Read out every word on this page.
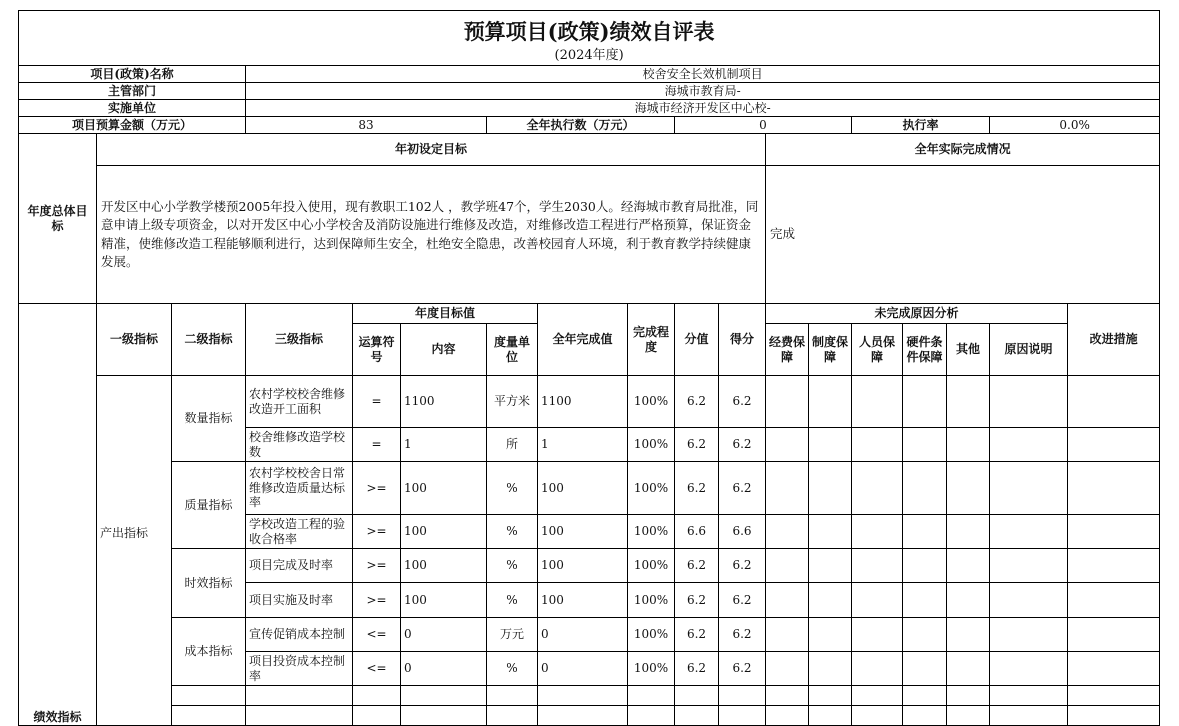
预算项目(政策)绩效自评表																	
(2024年度)																	
项目(政策)名称			校舍安全长效机制项目														
主管部门			海城市教育局-														
实施单位			海城市经济开发区中心校-														
项目预算金额（万元）			83			全年执行数（万元）			0				执行率			0.0%	
年度总体目标	年初设定目标										全年实际完成情况						
	开发区中心小学教学楼预2005年投入使用，现有教职工102人 ，教学班47个，学生2030人。经海城市教育局批准，同意申请上级专项资金，以对开发区中心小学校舍及消防设施进行维修及改造，对维修改造工程进行严格预算，保证资金精准，使维修改造工程能够顺利进行，达到保障师生安全，杜绝安全隐患，改善校园育人环境，利于教育教学持续健康发展。										完成						
绩效指标	一级指标	二级指标	三级指标	年度目标值			全年完成值	完成程度	分值	得分	未完成原因分析						改进措施
				运算符号	内容	度量单位					经费保障	制度保障	人员保障	硬件条件保障	其他	原因说明	

	产出指标	数量指标	农村学校校舍维修改造开工面积	=	1100	平方米	1100	100%	6.2	6.2							
			校舍维修改造学校数	=	1	所	1	100%	6.2	6.2							
		质量指标	农村学校校舍日常维修改造质量达标率	>=	100	%	100	100%	6.2	6.2							
			学校改造工程的验收合格率	>=	100	%	100	100%	6.6	6.6							
		时效指标	项目完成及时率	>=	100	%	100	100%	6.2	6.2							
			项目实施及时率	>=	100	%	100	100%	6.2	6.2							
		成本指标	宣传促销成本控制	<=	0	万元	0	100%	6.2	6.2							
			项目投资成本控制率	<=	0	%	0	100%	6.2	6.2							
